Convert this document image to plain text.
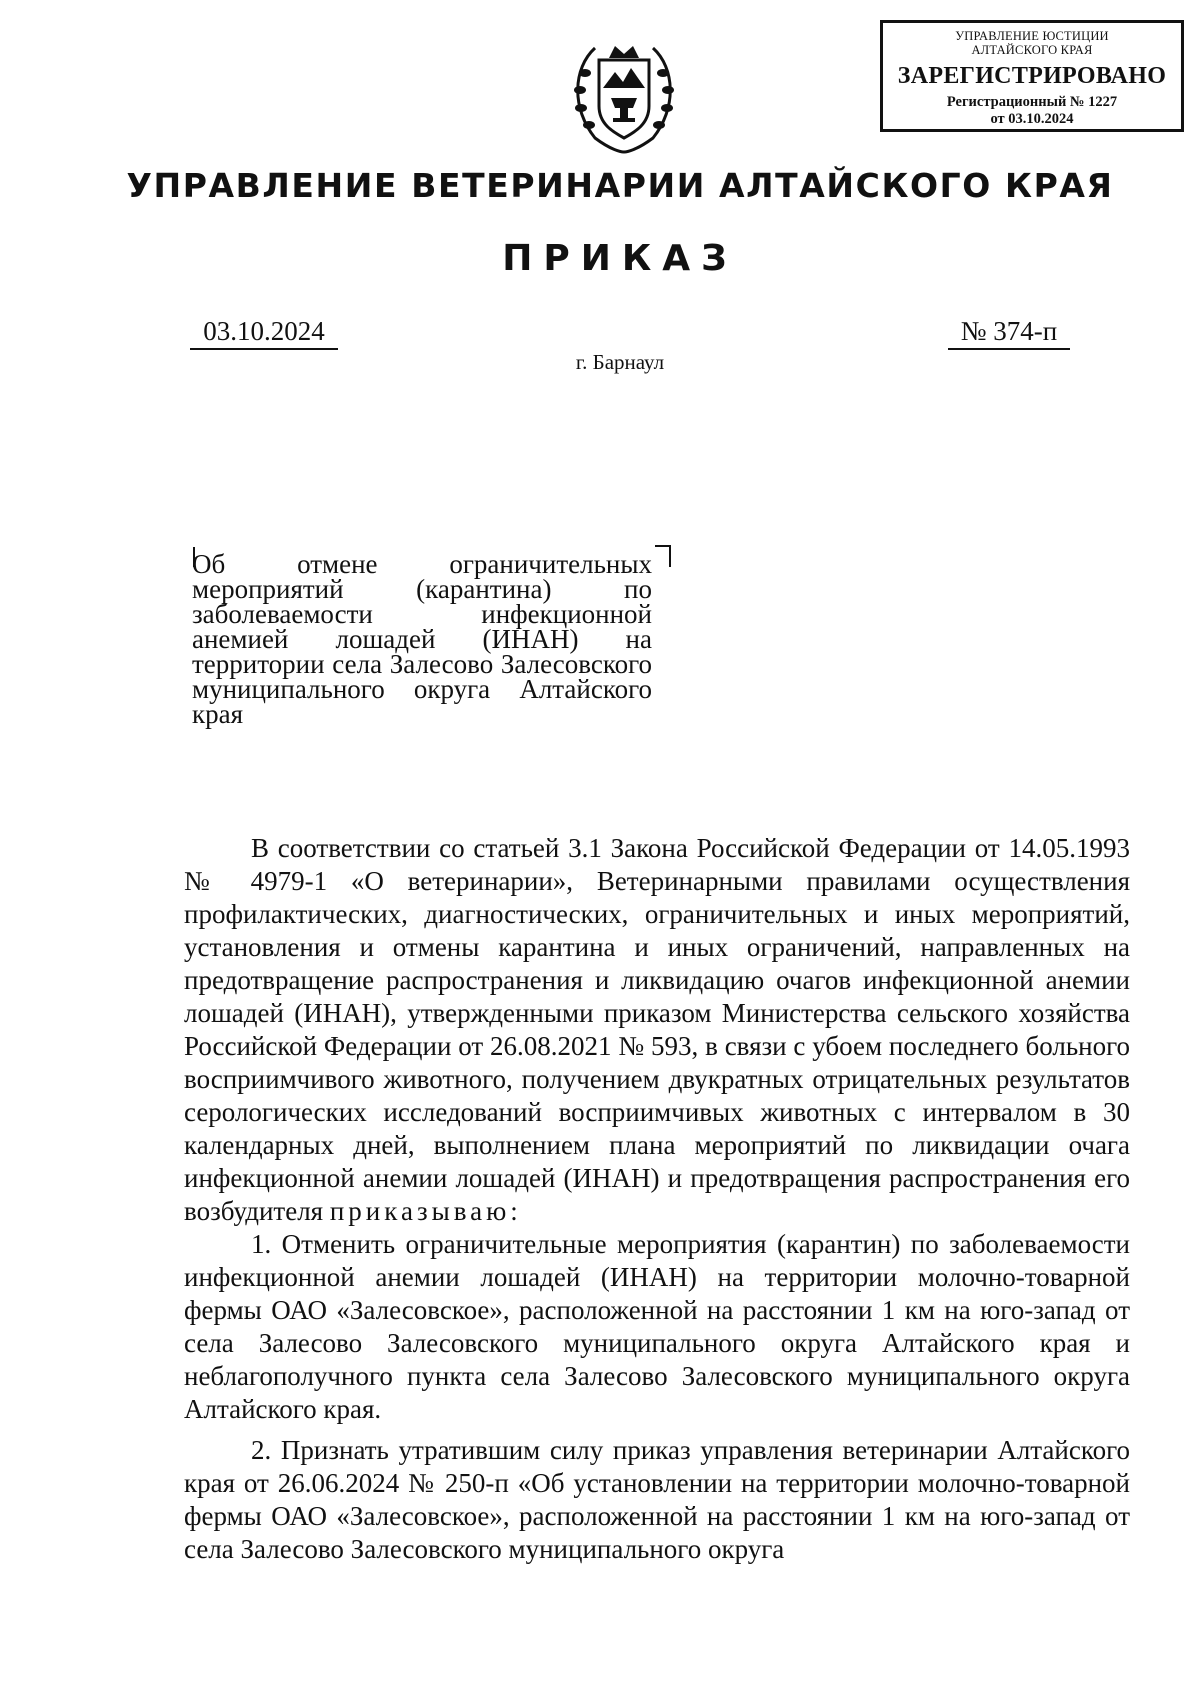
УПРАВЛЕНИЕ ЮСТИЦИИ
АЛТАЙСКОГО КРАЯ
ЗАРЕГИСТРИРОВАНО
Регистрационный № 1227
от 03.10.2024
УПРАВЛЕНИЕ ВЕТЕРИНАРИИ АЛТАЙСКОГО КРАЯ
ПРИКАЗ
03.10.2024	№ 374-п
г. Барнаул
Об отмене ограничительных мероприятий (карантина) по заболеваемости инфекционной анемией лошадей (ИНАН) на территории села Залесово Залесовского муниципального округа Алтайского края

В соответствии со статьей 3.1 Закона Российской Федерации от 14.05.1993 № 4979-1 «О ветеринарии», Ветеринарными правилами осуществления профилактических, диагностических, ограничительных и иных мероприятий, установления и отмены карантина и иных ограничений, направленных на предотвращение распространения и ликвидацию очагов инфекционной анемии лошадей (ИНАН), утвержденными приказом Министерства сельского хозяйства Российской Федерации от 26.08.2021 № 593, в связи с убоем последнего больного восприимчивого животного, получением двукратных отрицательных результатов серологических исследований восприимчивых животных с интервалом в 30 календарных дней, выполнением плана мероприятий по ликвидации очага инфекционной анемии лошадей (ИНАН) и предотвращения распространения его возбудителя приказываю:

1. Отменить ограничительные мероприятия (карантин) по заболеваемости инфекционной анемии лошадей (ИНАН) на территории молочно-товарной фермы ОАО «Залесовское», расположенной на расстоянии 1 км на юго-запад от села Залесово Залесовского муниципального округа Алтайского края и неблагополучного пункта села Залесово Залесовского муниципального округа Алтайского края.

2. Признать утратившим силу приказ управления ветеринарии Алтайского края от 26.06.2024 № 250-п «Об установлении на территории молочно-товарной фермы ОАО «Залесовское», расположенной на расстоянии 1 км на юго-запад от села Залесово Залесовского муниципального округа
